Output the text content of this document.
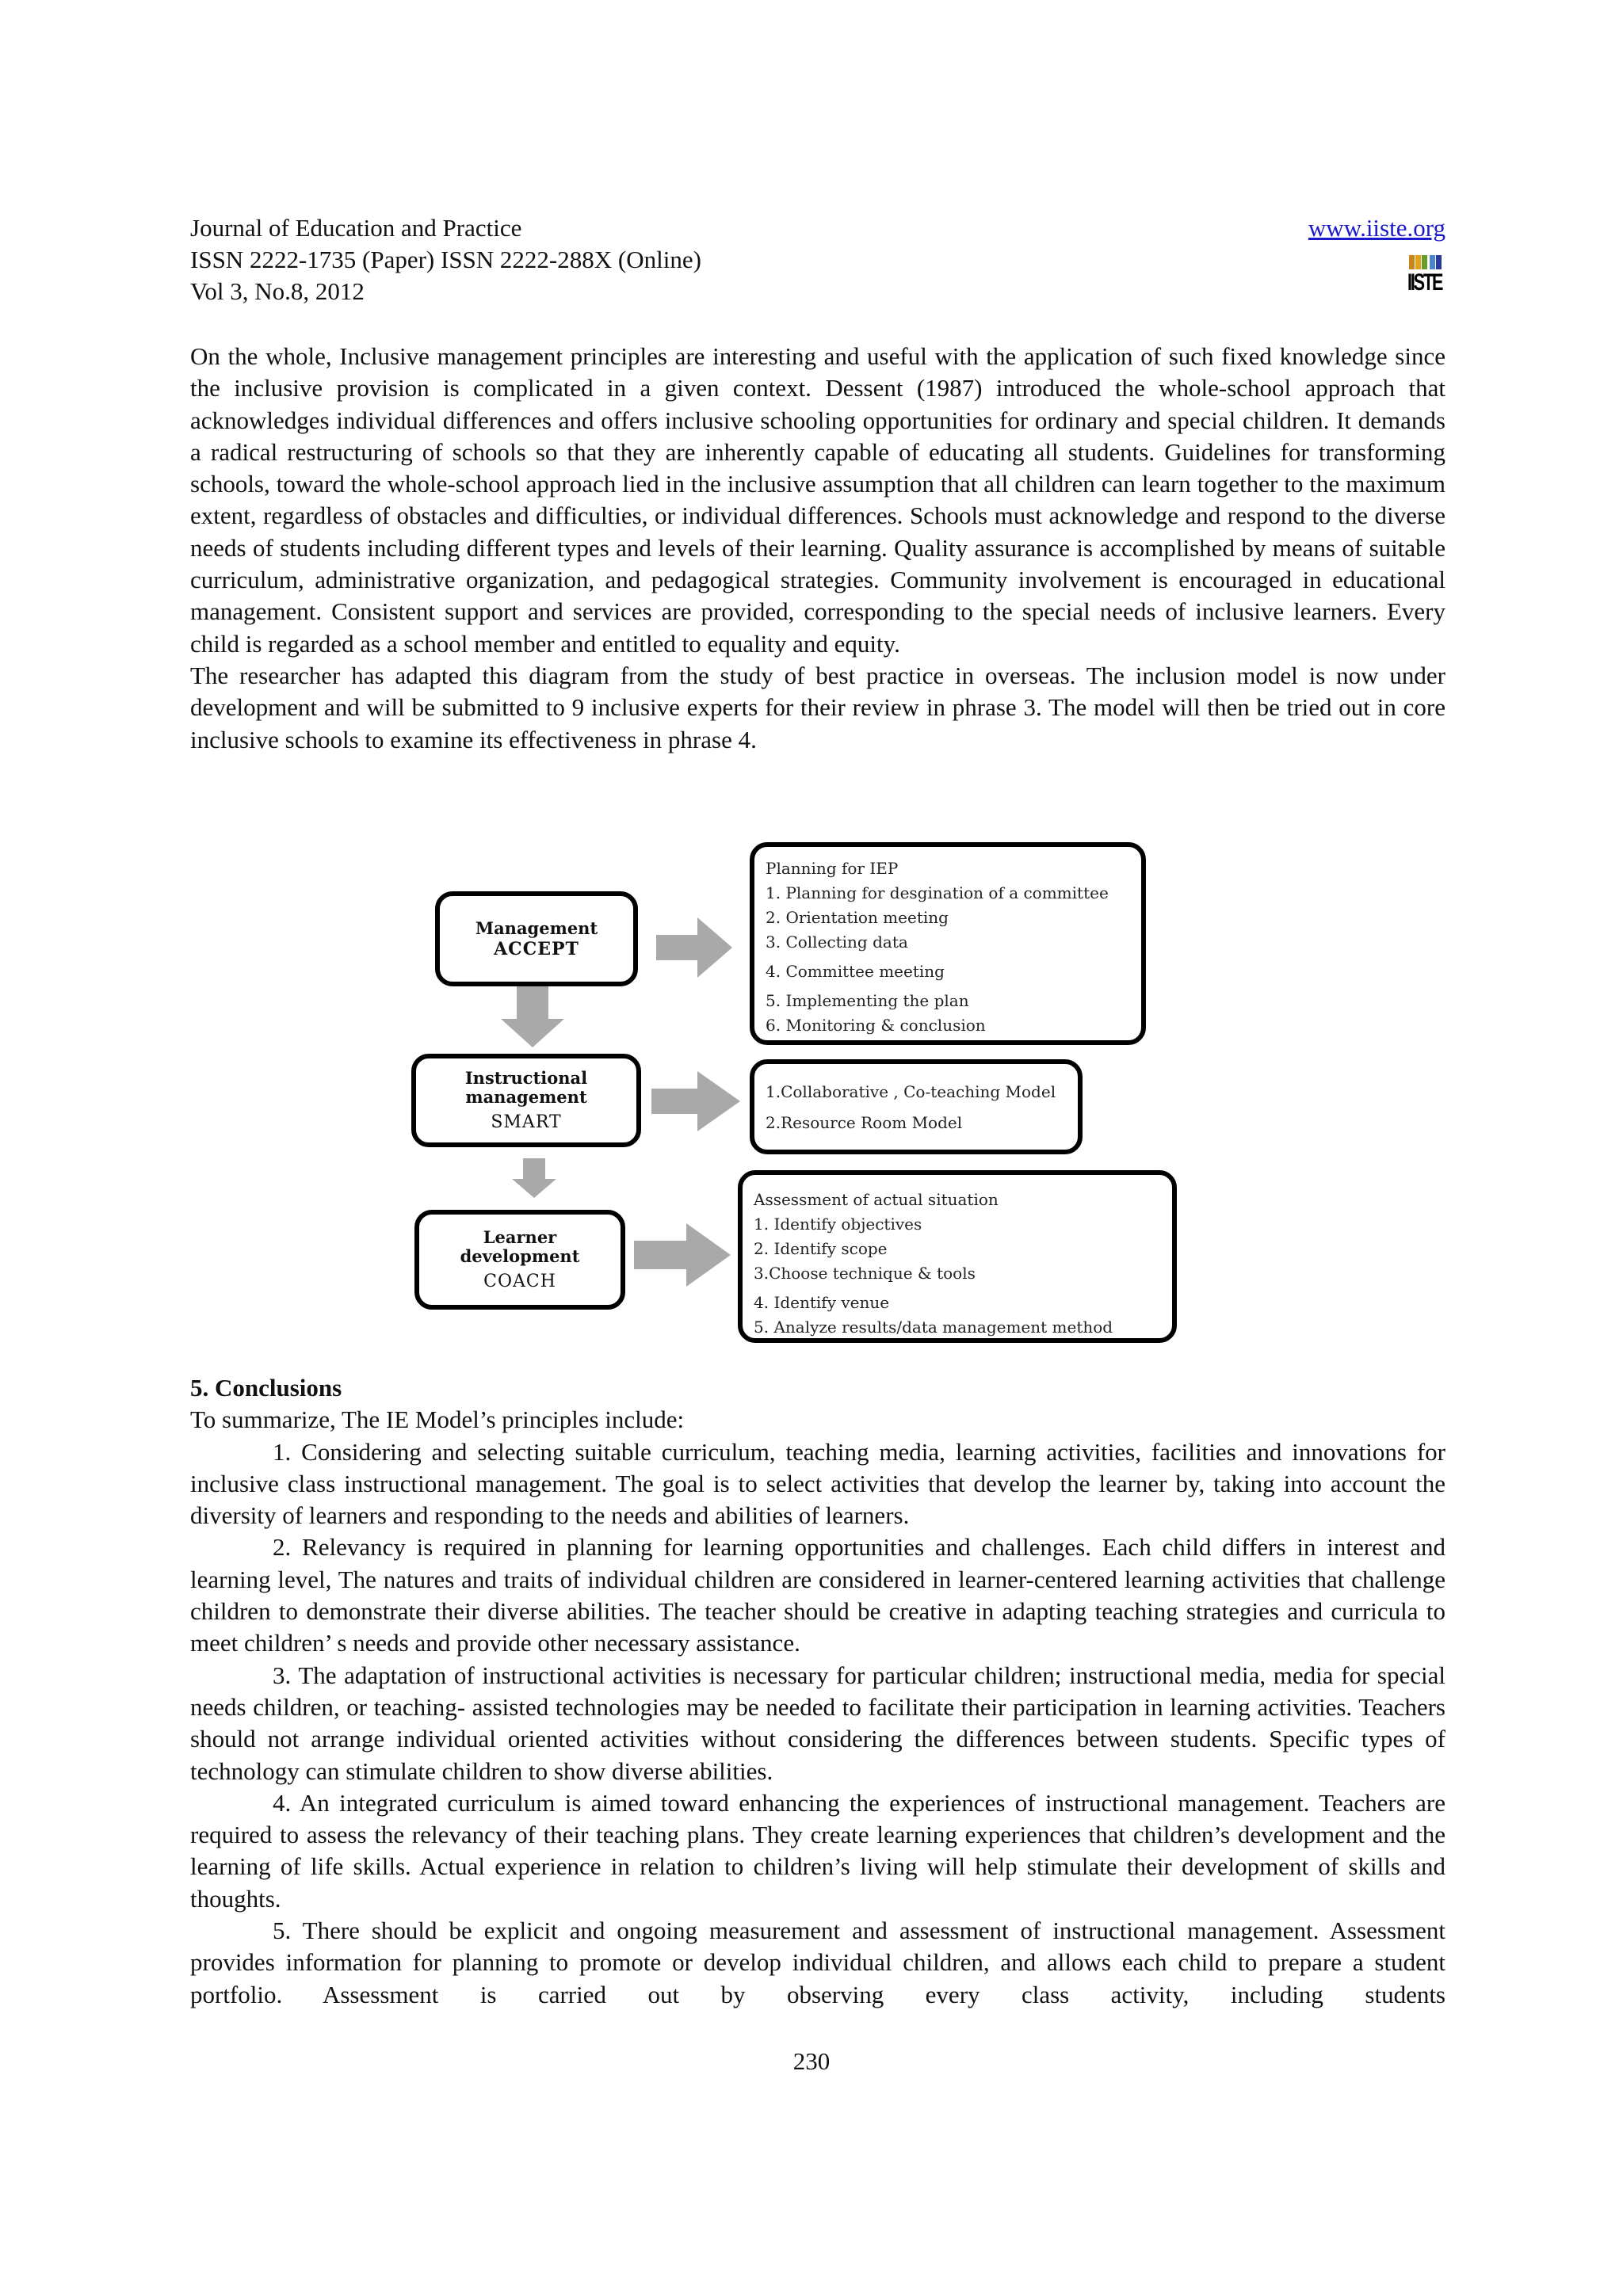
Journal of Education and Practice
ISSN 2222-1735 (Paper) ISSN 2222-288X (Online)
Vol 3, No.8, 2012
www.iiste.org
IISTE

On the whole, Inclusive management principles are interesting and useful with the application of such fixed knowledge since the inclusive provision is complicated in a given context. Dessent (1987) introduced the whole-school approach that acknowledges individual differences and offers inclusive schooling opportunities for ordinary and special children. It demands a radical restructuring of schools so that they are inherently capable of educating all students. Guidelines for transforming schools, toward the whole-school approach lied in the inclusive assumption that all children can learn together to the maximum extent, regardless of obstacles and difficulties, or individual differences. Schools must acknowledge and respond to the diverse needs of students including different types and levels of their learning. Quality assurance is accomplished by means of suitable curriculum, administrative organization, and pedagogical strategies. Community involvement is encouraged in educational management. Consistent support and services are provided, corresponding to the special needs of inclusive learners. Every child is regarded as a school member and entitled to equality and equity.

The researcher has adapted this diagram from the study of best practice in overseas. The inclusion model is now under development and will be submitted to 9 inclusive experts for their review in phrase 3. The model will then be tried out in core inclusive schools to examine its effectiveness in phrase 4.

Management
ACCEPT
Instructional
management
SMART
Learner
development
COACH
Planning for IEP
1. Planning for desgination of a committee
2. Orientation meeting
3. Collecting data
4. Committee meeting
5. Implementing the plan
6. Monitoring & conclusion
1.Collaborative , Co-teaching Model
2.Resource Room Model
Assessment of actual situation
1. Identify objectives
2. Identify scope
3.Choose technique & tools
4. Identify venue
5. Analyze results/data management method
5. Conclusions

To summarize, The IE Model’s principles include:

1. Considering and selecting suitable curriculum, teaching media, learning activities, facilities and innovations for inclusive class instructional management. The goal is to select activities that develop the learner by, taking into account the diversity of learners and responding to the needs and abilities of learners.

2. Relevancy is required in planning for learning opportunities and challenges. Each child differs in interest and learning level, The natures and traits of individual children are considered in learner-centered learning activities that challenge children to demonstrate their diverse abilities. The teacher should be creative in adapting teaching strategies and curricula to meet children’ s needs and provide other necessary assistance.

3. The adaptation of instructional activities is necessary for particular children; instructional media, media for special needs children, or teaching- assisted technologies may be needed to facilitate their participation in learning activities. Teachers should not arrange individual oriented activities without considering the differences between students. Specific types of technology can stimulate children to show diverse abilities.

4. An integrated curriculum is aimed toward enhancing the experiences of instructional management. Teachers are required to assess the relevancy of their teaching plans. They create learning experiences that children’s development and the learning of life skills. Actual experience in relation to children’s living will help stimulate their development of skills and thoughts.

5. There should be explicit and ongoing measurement and assessment of instructional management. Assessment provides information for planning to promote or develop individual children, and allows each child to prepare a student portfolio. Assessment is carried out by observing every class activity, including students

230
